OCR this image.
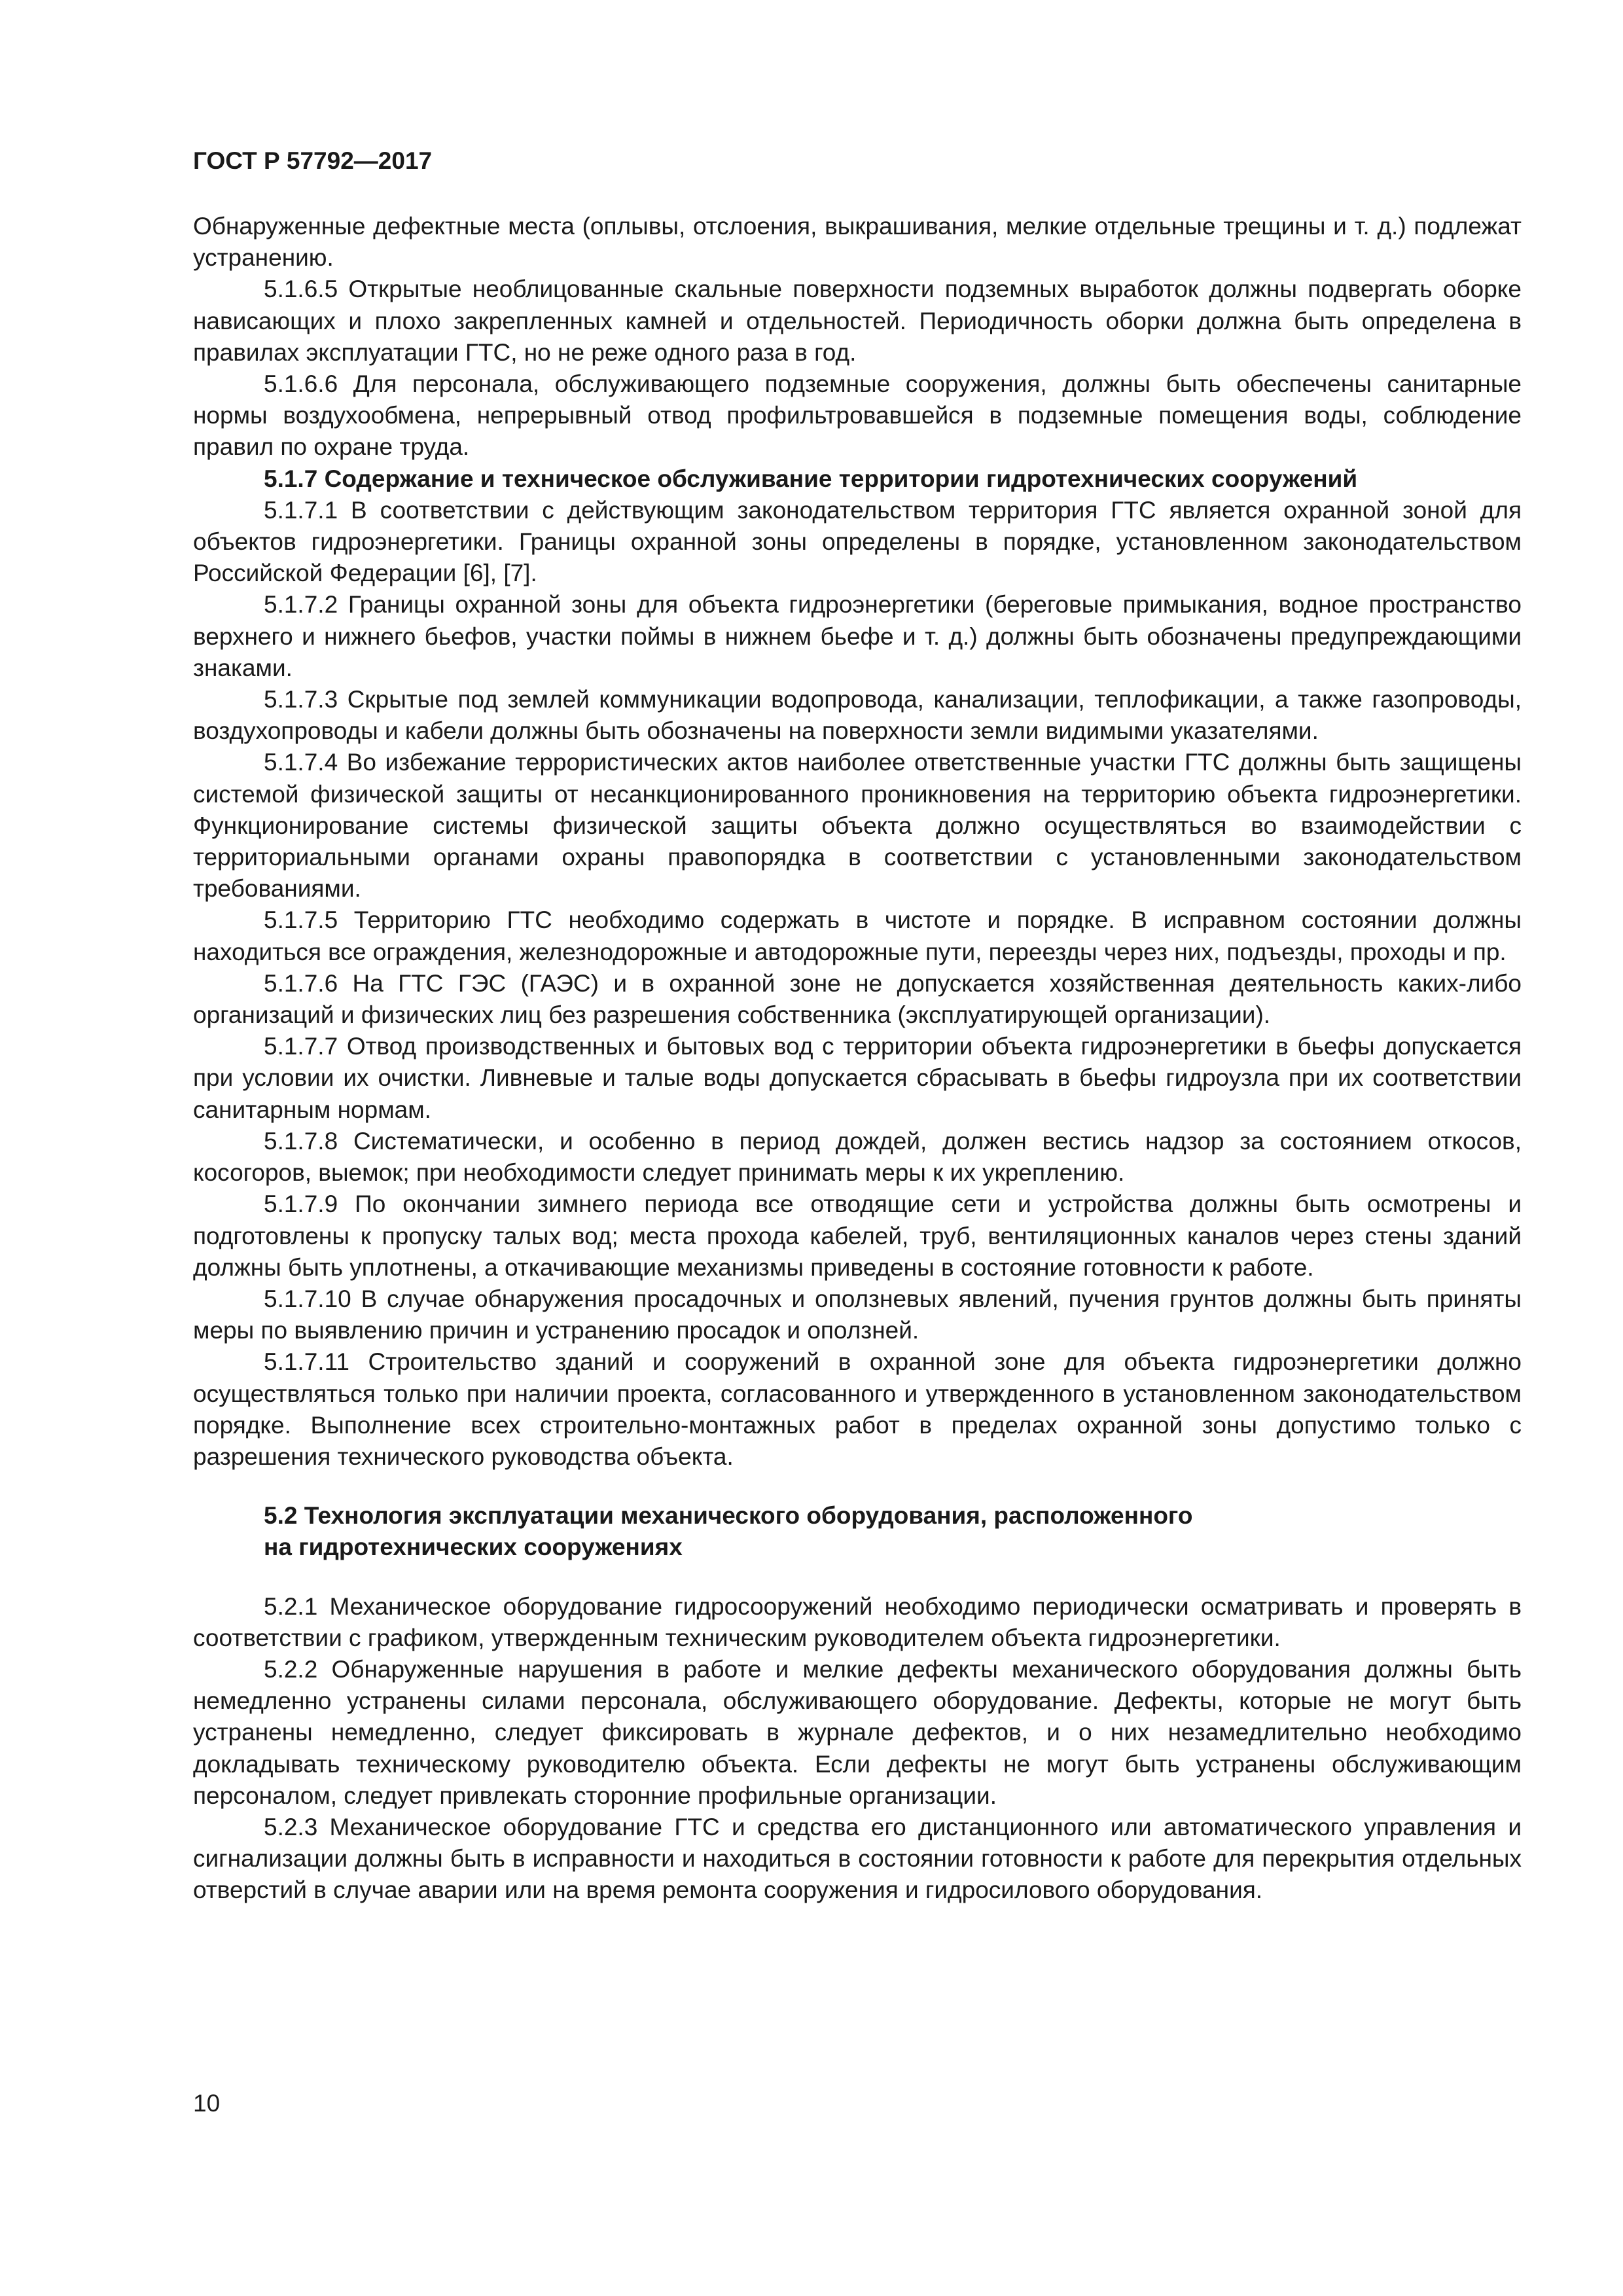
ГОСТ Р 57792—2017

Обнаруженные дефектные места (оплывы, отслоения, выкрашивания, мелкие отдельные трещины и т. д.) подлежат устранению.

5.1.6.5 Открытые необлицованные скальные поверхности подземных выработок должны подвергать оборке нависающих и плохо закрепленных камней и отдельностей. Периодичность оборки должна быть определена в правилах эксплуатации ГТС, но не реже одного раза в год.

5.1.6.6 Для персонала, обслуживающего подземные сооружения, должны быть обеспечены санитарные нормы воздухообмена, непрерывный отвод профильтровавшейся в подземные помещения воды, соблюдение правил по охране труда.

5.1.7 Содержание и техническое обслуживание территории гидротехнических сооружений

5.1.7.1 В соответствии с действующим законодательством территория ГТС является охранной зоной для объектов гидроэнергетики. Границы охранной зоны определены в порядке, установленном законодательством Российской Федерации [6], [7].

5.1.7.2 Границы охранной зоны для объекта гидроэнергетики (береговые примыкания, водное пространство верхнего и нижнего бьефов, участки поймы в нижнем бьефе и т. д.) должны быть обозначены предупреждающими знаками.

5.1.7.3 Скрытые под землей коммуникации водопровода, канализации, теплофикации, а также газопроводы, воздухопроводы и кабели должны быть обозначены на поверхности земли видимыми указателями.

5.1.7.4 Во избежание террористических актов наиболее ответственные участки ГТС должны быть защищены системой физической защиты от несанкционированного проникновения на территорию объекта гидроэнергетики. Функционирование системы физической защиты объекта должно осуществляться во взаимодействии с территориальными органами охраны правопорядка в соответствии с установленными законодательством требованиями.

5.1.7.5 Территорию ГТС необходимо содержать в чистоте и порядке. В исправном состоянии должны находиться все ограждения, железнодорожные и автодорожные пути, переезды через них, подъезды, проходы и пр.

5.1.7.6 На ГТС ГЭС (ГАЭС) и в охранной зоне не допускается хозяйственная деятельность каких-либо организаций и физических лиц без разрешения собственника (эксплуатирующей организации).

5.1.7.7 Отвод производственных и бытовых вод с территории объекта гидроэнергетики в бьефы допускается при условии их очистки. Ливневые и талые воды допускается сбрасывать в бьефы гидроузла при их соответствии санитарным нормам.

5.1.7.8 Систематически, и особенно в период дождей, должен вестись надзор за состоянием откосов, косогоров, выемок; при необходимости следует принимать меры к их укреплению.

5.1.7.9 По окончании зимнего периода все отводящие сети и устройства должны быть осмотрены и подготовлены к пропуску талых вод; места прохода кабелей, труб, вентиляционных каналов через стены зданий должны быть уплотнены, а откачивающие механизмы приведены в состояние готовности к работе.

5.1.7.10 В случае обнаружения просадочных и оползневых явлений, пучения грунтов должны быть приняты меры по выявлению причин и устранению просадок и оползней.

5.1.7.11 Строительство зданий и сооружений в охранной зоне для объекта гидроэнергетики должно осуществляться только при наличии проекта, согласованного и утвержденного в установленном законодательством порядке. Выполнение всех строительно-монтажных работ в пределах охранной зоны допустимо только с разрешения технического руководства объекта.

5.2 Технология эксплуатации механического оборудования, расположенного
на гидротехнических сооружениях

5.2.1 Механическое оборудование гидросооружений необходимо периодически осматривать и проверять в соответствии с графиком, утвержденным техническим руководителем объекта гидроэнергетики.

5.2.2 Обнаруженные нарушения в работе и мелкие дефекты механического оборудования должны быть немедленно устранены силами персонала, обслуживающего оборудование. Дефекты, которые не могут быть устранены немедленно, следует фиксировать в журнале дефектов, и о них незамедлительно необходимо докладывать техническому руководителю объекта. Если дефекты не могут быть устранены обслуживающим персоналом, следует привлекать сторонние профильные организации.

5.2.3 Механическое оборудование ГТС и средства его дистанционного или автоматического управления и сигнализации должны быть в исправности и находиться в состоянии готовности к работе для перекрытия отдельных отверстий в случае аварии или на время ремонта сооружения и гидросилового оборудования.

10
